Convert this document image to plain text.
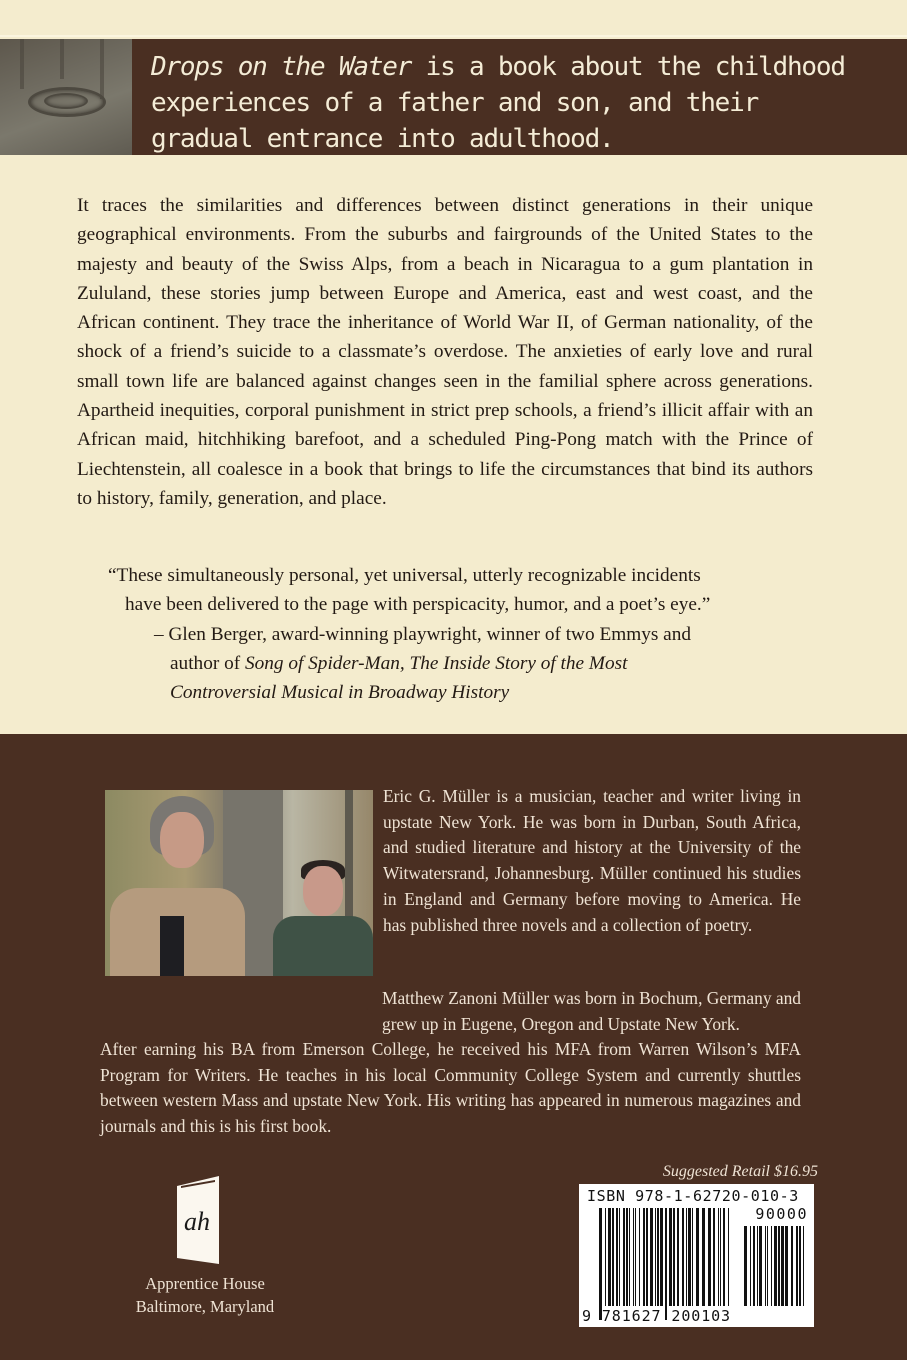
Drops on the Water is a book about the childhood experiences of a father and son, and their gradual entrance into adulthood.
It traces the similarities and differences between distinct generations in their unique geographical environments. From the suburbs and fairgrounds of the United States to the majesty and beauty of the Swiss Alps, from a beach in Nicaragua to a gum plantation in Zululand, these stories jump between Europe and America, east and west coast, and the African continent. They trace the inheritance of World War II, of German nationality, of the shock of a friend’s suicide to a classmate’s overdose. The anxieties of early love and rural small town life are balanced against changes seen in the familial sphere across generations. Apartheid inequities, corporal punishment in strict prep schools, a friend’s illicit affair with an African maid, hitchhiking barefoot, and a scheduled Ping-Pong match with the Prince of Liechtenstein, all coalesce in a book that brings to life the circumstances that bind its authors to history, family, generation, and place.
“These simultaneously personal, yet universal, utterly recognizable incidents have been delivered to the page with perspicacity, humor, and a poet’s eye.”
– Glen Berger, award-winning playwright, winner of two Emmys and author of Song of Spider-Man, The Inside Story of the Most Controversial Musical in Broadway History
Eric G. Müller is a musician, teacher and writer living in upstate New York. He was born in Durban, South Africa, and studied literature and history at the University of the Witwatersrand, Johannesburg. Müller continued his studies in England and Germany before moving to America. He has published three novels and a collection of poetry.
Matthew Zanoni Müller was born in Bochum, Germany and grew up in Eugene, Oregon and Upstate New York.
After earning his BA from Emerson College, he received his MFA from Warren Wilson’s MFA Program for Writers. He teaches in his local Community College System and currently shuttles between western Mass and upstate New York. His writing has appeared in numerous magazines and journals and this is his first book.
ah
Apprentice House
Baltimore, Maryland
Suggested Retail $16.95
ISBN 978-1-62720-010-3
90000
9 781627 200103
